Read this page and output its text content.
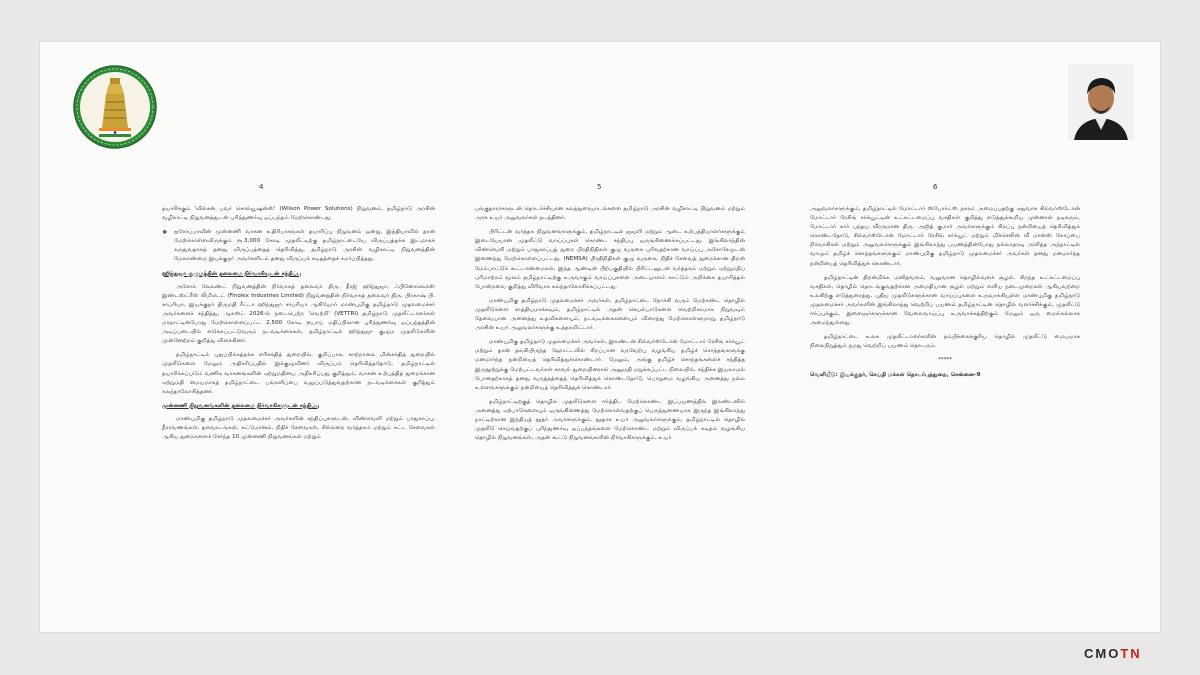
4	5	6

தயாரிக்கும் 'வில்சன் பவர் சொல்யூஷன்ஸ்' (Wilson Power Solutions) நிறுவனம், தமிழ்நாடு அரசின் வழிகாட்டி நிறுவனத்துடன் புரிந்துணர்வு ஒப்பந்தம் மேற்கொண்டது.

❖ ஐரோப்பாவின் முன்னணி வாகன உதிரிபாகங்கள் தயாரிப்பு நிறுவனம் ஒன்று, இந்தியாவில் தான் மேற்கொள்ளவிருக்கும் ரூ.3,000 கோடி முதலீட்டிற்கு தமிழ்நாட்டையே விருப்பத்தக்க இடமாகக் கருதுவதாகத் தனது விருப்பத்தைத் தெரிவித்து, தமிழ்நாடு அரசின் வழிகாட்டி நிறுவனத்தின் மேலாண்மை இயக்குநர் அவர்களிடம் தனது விருப்பக் கடிதத்தைச் சமர்ப்பித்தது.

ஹிந்துஜா குழுமத்தின் தலைமை நிர்வாகியுடன் சந்திப்பு

அசோக் லேலண்ட் நிறுவனத்தின் நிர்வாகத் தலைவர் திரு. தீரஜ் ஹிந்துஜா, ஃபினோலெக்ஸ் இண்டஸ்ட்ரீஸ் லிமிடெட் (Finolex Industries Limited) நிறுவனத்தின் நிர்வாகத் தலைவர் திரு. பிரகாஷ் பி. சாப்ரியா, இயக்குநர் திருமதி ரீட்டா ஹிந்துஜா சாப்ரியா ஆகியோர் மாண்புமிகு தமிழ்நாடு முதலமைச்சர் அவர்களைச் சந்தித்து, ஆகஸ்ட் 2026-ல் நடைபெற்ற 'வெற்றி' (VETTRI) தமிழ்நாடு முதலீட்டாளர்கள் மாநாட்டின்போது மேற்கொள்ளப்பட்ட 2,500 கோடி ரூபாய் மதிப்பிலான புரிந்துணர்வு ஒப்பந்தத்தின் அடிப்படையில் எடுக்கப்பட்டுவரும் நடவடிக்கைகள், தமிழ்நாட்டில் ஹிந்துஜா குழும முதலீடுகளின் முன்னேற்றம் குறித்து விளக்கினர்.

தமிழ்நாட்டில் புதுப்பிக்கத்தக்க எரிசக்தித் துறையில், குறிப்பாக, காற்றாலை மின்சக்தித் துறையில் முதலீடுகளை மேலும் அதிகரிப்பதில் இக்குழுவினர் விருப்பம் தெரிவித்ததோடு, தமிழ்நாட்டில் தயாரிக்கப்படும் வணிக வாகனங்களின் ஏற்றுமதியை அதிகரிப்பது குறித்தும், வாகன உற்பத்தித் துறைக்கான ஏற்றுமதி மையமாகத் தமிழ்நாட்டை பங்களிப்பை வலுப்படுத்துவதற்கான நடவடிக்கைகள் குறித்தும் கலந்தாலோசித்தனர்.

முன்னணி நிறுவனங்களின் தலைமை நிர்வாகிகளுடன் சந்திப்பு

மாண்புமிகு தமிழ்நாடு முதலமைச்சர் அவர்களின் சந்திப்புகளுடன், விண்வெளி மற்றும் பாதுகாப்பு, நீராவணங்கள், தளவாடங்கள், கட்டுமானம், நிதிச் சேவைகள், சில்லறை வர்த்தகம் மற்றும் சுட்ட சேவைகள் ஆகிய துறைகளைச் சேர்ந்த 10 முன்னணி நிறுவனங்கள் மற்றும்

பங்குதாரர்களுடன் தொடர்ச்சியான கலந்துரையாடல்களை தமிழ்நாடு அரசின் வழிகாட்டி நிறுவனம் மற்றும் அரசு உயர் அலுவலர்கள் நடத்தினர்.

பிரிட்டன் வர்த்தக நிறுவனங்களுக்கும், தமிழ்நாட்டில் ஜவுளி மற்றும் ஆடை உற்பத்தியாளர்களுக்கும் இடையேயான முதலீட்டு வாய்ப்புகள் கொண்ட சந்திப்பு ஒருங்கிணைக்கப்பட்டது. இங்கிலாந்தின் விண்வெளி மற்றும் பாதுகாப்புத் துறை பிரதிநிதிகள் குழு வருகை புரிவதற்கான வாய்ப்பு அசோசேமுடன் இணைந்து மேற்கொள்ளப்பட்டது. (NEMSA) பிரதிநிதிகள் குழு வருகை, நிதிச் சேவைத் துறைக்கான திறன் மேம்பாட்டுக் கூட்டாண்மைகள், இந்த ஆண்டின் பிற்பகுதியில் பிரிட்டனுடன் வர்த்தகம் மற்றும் ஏற்றுமதிப் பரிமாற்றம் மூலம் தமிழ்நாட்டிற்கு உருவாகும் வாய்ப்புகளை அடையாளம் காட்டும் அறிக்கை தயாரித்தல் போன்றவை குறித்து விரிவாக கலந்தாலோசிக்கப்பட்டது.

மாண்புமிகு தமிழ்நாடு முதலமைச்சர் அவர்கள், தமிழ்நாட்டை நோக்கி வரும் மேற்கண்ட தொழில் முதலீடுகளை சாத்தியமாக்கவும், தமிழ்நாட்டில் அதன் செயல்பாடுகளை வெற்றிகரமாக நிறுவவும் தேவையான அனைத்து உதவிகளையும், நடவடிக்கைகளையும் விரைந்து மேற்கொள்ளுமாறு தமிழ்நாடு அரசின் உயர் அலுவலர்களுக்கு உத்தரவிட்டார்.

மாண்புமிகு தமிழ்நாடு முதலமைச்சர் அவர்கள், இலண்டன் சில்வர்ஸ்டோன் மோட்டார் ரேசிங் சர்க்யூட் மற்றும் தான் தங்கியிருந்த ஹோட்டலில் சிறப்பான வரவேற்பு வழங்கிய தமிழ்ச் சொந்தங்களுக்கு மனமார்ந்த நன்றியைத் தெரிவித்துக்கொண்டார். மேலும், அங்கு தமிழ்ச் சொந்தங்களைச் சந்தித்த இருநூற்றுக்கு மேற்பட்டவர்கள் காவல் துறையினரால் அனுமதி மறுக்கப்பட்ட நிலையில், சந்திக்க இயலாமல் போனதற்காகத் தனது வருத்தத்தைத் தெரிவித்துக் கொண்டதோடு, பொறுமை வழங்கிய அனைத்து நல்ல உள்ளங்களுக்கும் நன்றியைத் தெரிவித்துக் கொண்டார்.

தமிழ்நாட்டிற்குத் தொழில் முதலீடுகளை ஈர்த்திட மேற்கொண்ட இப்பயணத்தில் இலண்டனில் அனைத்து ஏற்பாடுகளையும் ஒருங்கிணைத்து மேற்கொள்வதற்குப் பெருந்துணையாக இருந்த இங்கிலாந்து நாட்டிற்கான இந்தியத் தூதர் அவர்களுக்கும், தூதரக உயர் அலுவலர்களுக்கும், தமிழ்நாட்டில் தொழில் முதலீடு செய்வதற்குப் புரிந்துணர்வு ஒப்பந்தங்களை மேற்கொண்ட மற்றும் விருப்பக் கடிதம் வழங்கிய தொழில் நிறுவனங்கள், அதன் கூட்டு நிறுவனங்களின் நிர்வாகிகளுக்கும், உயர்

அலுவலர்களுக்கும், தமிழ்நாட்டில் மோட்டார் ஸ்போர்ட்ஸ் நகரம் அமைப்பதற்கு ஏதுவாக சில்வர்ஸ்டோன் மோட்டார் ரேசிங் சர்க்யூட்டின் உட்கட்டமைப்பு வசதிகள் குறித்து எடுத்துக்கூறிய முன்னாள் நடிகரும், மோட்டார் கார் பந்தய வீரருமான திரு. அஜித் குமார் அவர்களுக்கும் சிறப்பு நன்றியைத் தெரிவித்துக் கொண்டதோடு, சில்வர்ஸ்டோன் மோட்டார் ரேசிங் சர்க்யூட் மற்றும் மிச்செலின் வீ மான்ஸ் கோப்பை நிர்வாகிகள் மற்றும் அலுவலர்களுக்கும் இங்கிலாந்து பயணத்தின்போது நல்லாதரவு அளித்த அந்நாட்டில் வாழும் தமிழ்ச் சொந்தங்களுக்கும் மாண்புமிகு தமிழ்நாடு முதலமைச்சர் அவர்கள் தனது மனமார்ந்த நன்றியைத் தெரிவித்துக் கொண்டார்.

தமிழ்நாட்டின் திறன்மிக்க மனிதவளம், வலுவான தொழில்வளச் சூழல், சிறந்த உட்கட்டமைப்பு வசதிகள், தொழில் தொடங்குவதற்கான அமைதியான சூழல் மற்றும் எளிய நடைமுறைகள் ஆகியவற்றை உலகிற்கு எடுத்துரைத்து, புதிய முதலீடுகளுக்கான வாய்ப்புகளை உருவாக்கியுள்ள மாண்புமிகு தமிழ்நாடு முதலமைச்சர் அவர்களின் இங்கிலாந்து வெற்றிப் பயணம் தமிழ்நாட்டின் தொழில் வளர்ச்சிக்கும், முதலீட்டு ஈர்ப்புக்கும், இளைஞர்களுக்கான வேலைவாய்ப்பு உருவாக்கத்திற்கும் மேலும் ஒரு மைல்கல்லாக அமைந்துள்ளது.

தமிழ்நாட்டை உலக முதலீட்டாளர்களின் நம்பிக்கைக்குரிய தொழில் முதலீட்டு மையமாக நிலைநிறுத்தும் நமது வெற்றிப் பயணம் தொடரும்.

*****

வெளியீடு: இயக்குநர், செய்தி மக்கள் தொடர்புத்துறை, சென்னை-9

CMOTN
